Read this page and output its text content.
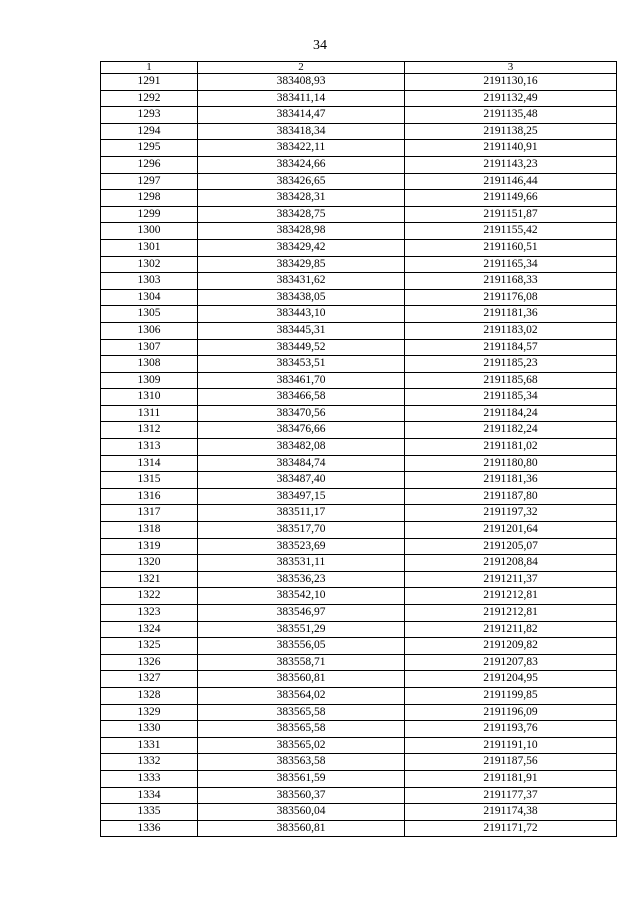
34
1	2	3
1291	383408,93	2191130,16
1292	383411,14	2191132,49
1293	383414,47	2191135,48
1294	383418,34	2191138,25
1295	383422,11	2191140,91
1296	383424,66	2191143,23
1297	383426,65	2191146,44
1298	383428,31	2191149,66
1299	383428,75	2191151,87
1300	383428,98	2191155,42
1301	383429,42	2191160,51
1302	383429,85	2191165,34
1303	383431,62	2191168,33
1304	383438,05	2191176,08
1305	383443,10	2191181,36
1306	383445,31	2191183,02
1307	383449,52	2191184,57
1308	383453,51	2191185,23
1309	383461,70	2191185,68
1310	383466,58	2191185,34
1311	383470,56	2191184,24
1312	383476,66	2191182,24
1313	383482,08	2191181,02
1314	383484,74	2191180,80
1315	383487,40	2191181,36
1316	383497,15	2191187,80
1317	383511,17	2191197,32
1318	383517,70	2191201,64
1319	383523,69	2191205,07
1320	383531,11	2191208,84
1321	383536,23	2191211,37
1322	383542,10	2191212,81
1323	383546,97	2191212,81
1324	383551,29	2191211,82
1325	383556,05	2191209,82
1326	383558,71	2191207,83
1327	383560,81	2191204,95
1328	383564,02	2191199,85
1329	383565,58	2191196,09
1330	383565,58	2191193,76
1331	383565,02	2191191,10
1332	383563,58	2191187,56
1333	383561,59	2191181,91
1334	383560,37	2191177,37
1335	383560,04	2191174,38
1336	383560,81	2191171,72
